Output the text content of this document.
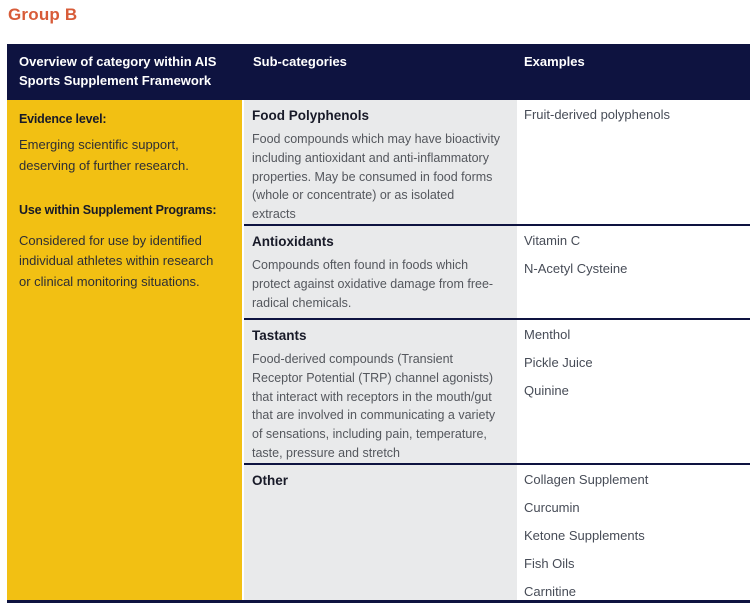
Group B
Overview of category within AIS Sports Supplement Framework
Sub-categories	Examples

Evidence level:

Emerging scientific support, deserving of further research.

Use within Supplement Programs:

Considered for use by identified individual athletes within research or clinical monitoring situations.

Food Polyphenols

Food compounds which may have bioactivity including antioxidant and anti-inflammatory properties. May be consumed in food forms (whole or concentrate) or as isolated extracts

Fruit-derived polyphenols

Antioxidants

Compounds often found in foods which protect against oxidative damage from free-radical chemicals.

Vitamin C

N-Acetyl Cysteine

Tastants

Food-derived compounds (Transient Receptor Potential (TRP) channel agonists) that interact with receptors in the mouth/gut that are involved in communicating a variety of sensations, including pain, temperature, taste, pressure and stretch

Menthol

Pickle Juice

Quinine

Other	Collagen Supplement

Curcumin

Ketone Supplements

Fish Oils

Carnitine
